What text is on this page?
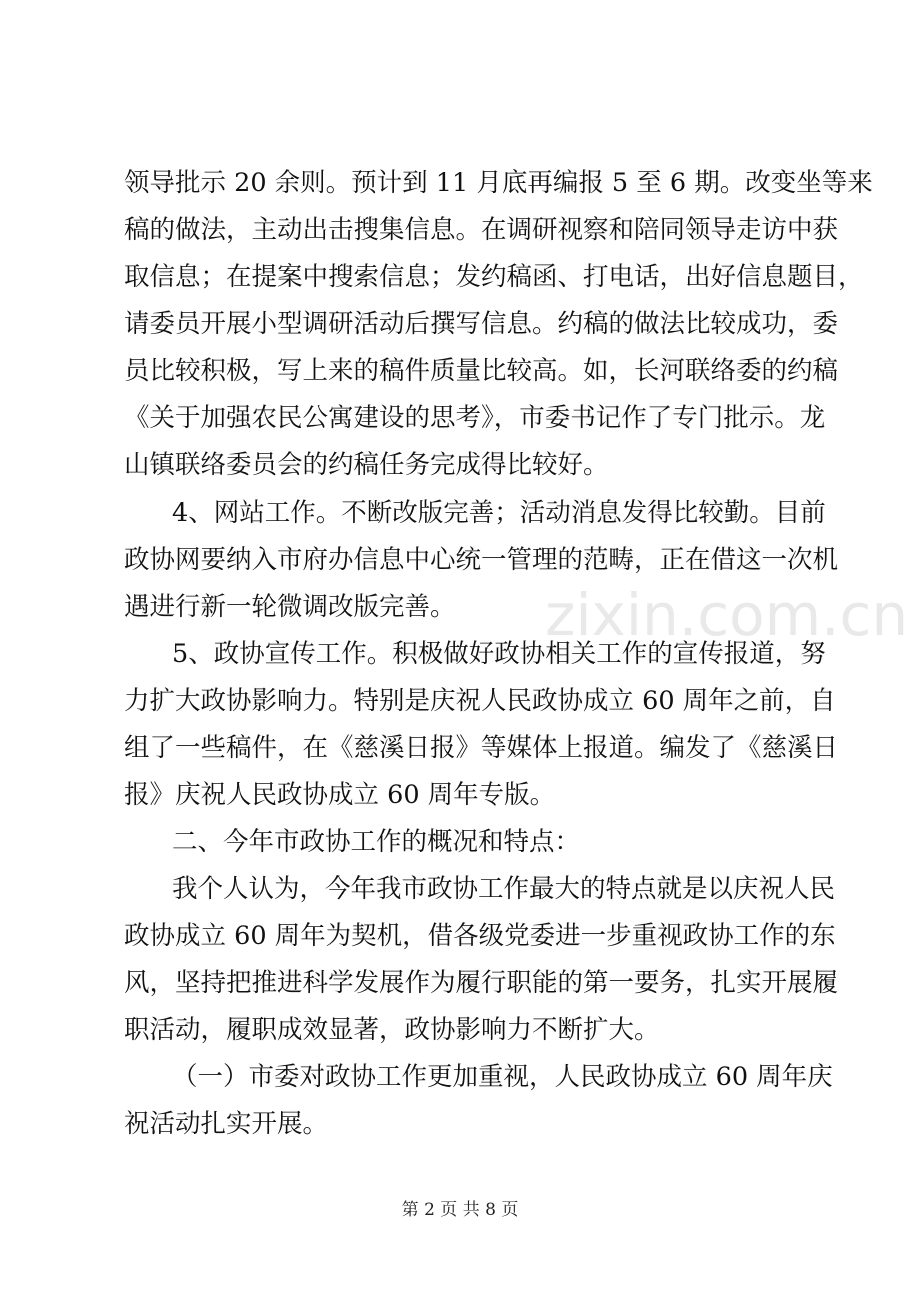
zixin.com.cn
领导批示 20 余则。预计到 11 月底再编报 5 至 6 期。改变坐等来
稿的做法，主动出击搜集信息。在调研视察和陪同领导走访中获
取信息；在提案中搜索信息；发约稿函、打电话，出好信息题目，
请委员开展小型调研活动后撰写信息。约稿的做法比较成功，委
员比较积极，写上来的稿件质量比较高。如，长河联络委的约稿
《关于加强农民公寓建设的思考》，市委书记作了专门批示。龙
山镇联络委员会的约稿任务完成得比较好。
4、网站工作。不断改版完善；活动消息发得比较勤。目前
政协网要纳入市府办信息中心统一管理的范畴，正在借这一次机
遇进行新一轮微调改版完善。
5、政协宣传工作。积极做好政协相关工作的宣传报道，努
力扩大政协影响力。特别是庆祝人民政协成立 60 周年之前，自
组了一些稿件，在《慈溪日报》等媒体上报道。编发了《慈溪日
报》庆祝人民政协成立 60 周年专版。
二、今年市政协工作的概况和特点：
我个人认为，今年我市政协工作最大的特点就是以庆祝人民
政协成立 60 周年为契机，借各级党委进一步重视政协工作的东
风，坚持把推进科学发展作为履行职能的第一要务，扎实开展履
职活动，履职成效显著，政协影响力不断扩大。
（一）市委对政协工作更加重视，人民政协成立 60 周年庆
祝活动扎实开展。
第 2 页 共 8 页
